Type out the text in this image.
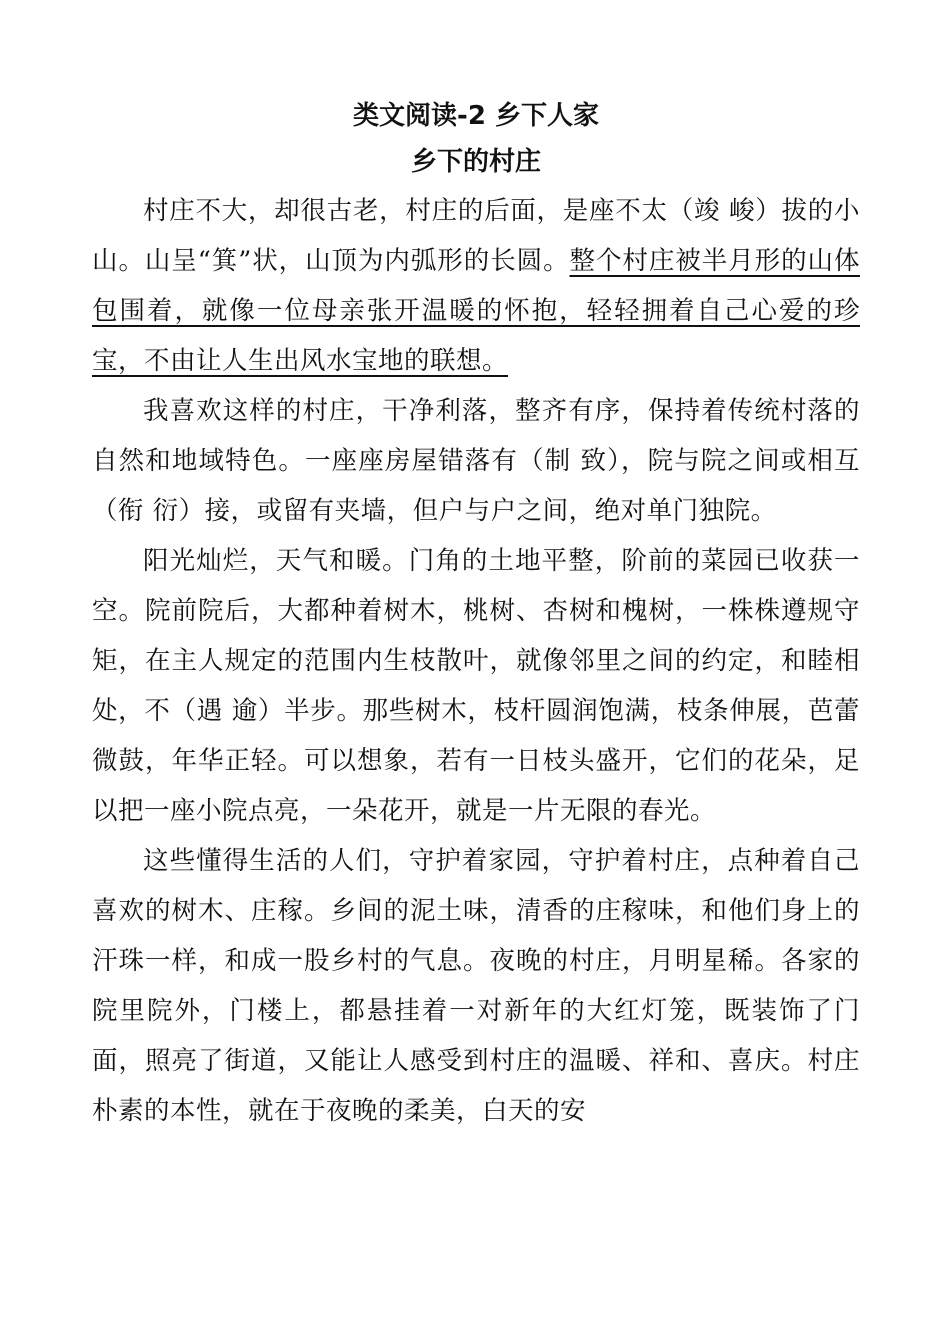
类文阅读-2 乡下人家
乡下的村庄

村庄不大，却很古老，村庄的后面，是座不太（竣 峻）拔的小山。山呈“箕”状，山顶为内弧形的长圆。整个村庄被半月形的山体包围着，就像一位母亲张开温暖的怀抱，轻轻拥着自己心爱的珍宝，不由让人生出风水宝地的联想。

我喜欢这样的村庄，干净利落，整齐有序，保持着传统村落的自然和地域特色。一座座房屋错落有（制 致），院与院之间或相互（衔 衍）接，或留有夹墙，但户与户之间，绝对单门独院。

阳光灿烂，天气和暖。门角的土地平整，阶前的菜园已收获一空。院前院后，大都种着树木，桃树、杏树和槐树，一株株遵规守矩，在主人规定的范围内生枝散叶，就像邻里之间的约定，和睦相处，不（遇 逾）半步。那些树木，枝杆圆润饱满，枝条伸展，芭蕾微鼓，年华正轻。可以想象，若有一日枝头盛开，它们的花朵，足以把一座小院点亮，一朵花开，就是一片无限的春光。

这些懂得生活的人们，守护着家园，守护着村庄，点种着自己喜欢的树木、庄稼。乡间的泥土味，清香的庄稼味，和他们身上的汗珠一样，和成一股乡村的气息。夜晚的村庄，月明星稀。各家的院里院外，门楼上，都悬挂着一对新年的大红灯笼，既装饰了门面，照亮了街道，又能让人感受到村庄的温暖、祥和、喜庆。村庄朴素的本性，就在于夜晚的柔美，白天的安
